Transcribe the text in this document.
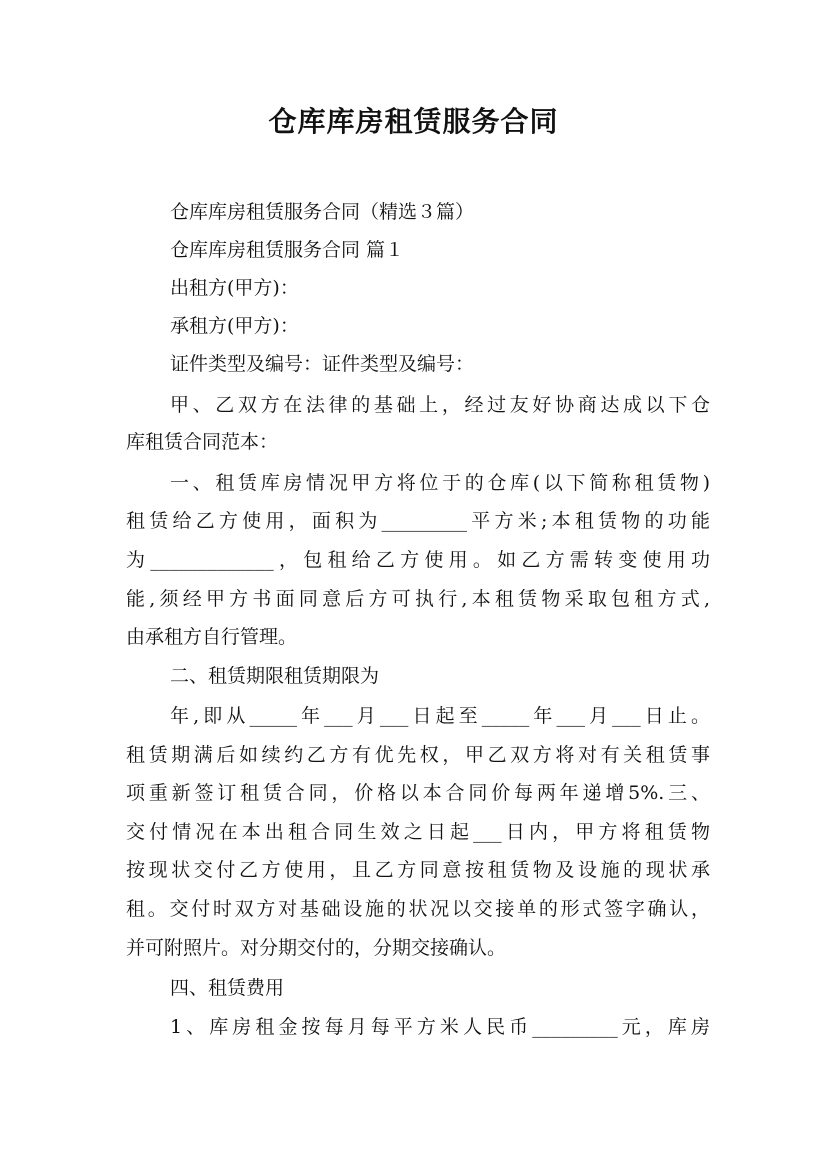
仓库库房租赁服务合同
仓库库房租赁服务合同（精选３篇）
仓库库房租赁服务合同 篇１
出租方(甲方)：
承租方(甲方)：
证件类型及编号：证件类型及编号：
甲、乙双方在法律的基础上，经过友好协商达成以下仓
库租赁合同范本：
一、租赁库房情况甲方将位于的仓库(以下简称租赁物)
租赁给乙方使用，面积为_________平方米;本租赁物的功能
为_____________，包租给乙方使用。如乙方需转变使用功
能,须经甲方书面同意后方可执行,本租赁物采取包租方式,
由承租方自行管理。
二、租赁期限租赁期限为
年,即从_____年___月___日起至_____年___月___日止。
租赁期满后如续约乙方有优先权，甲乙双方将对有关租赁事
项重新签订租赁合同，价格以本合同价每两年递增5%.三、
交付情况在本出租合同生效之日起___日内，甲方将租赁物
按现状交付乙方使用，且乙方同意按租赁物及设施的现状承
租。交付时双方对基础设施的状况以交接单的形式签字确认，
并可附照片。对分期交付的，分期交接确认。
四、租赁费用
1、库房租金按每月每平方米人民币_________元，库房
